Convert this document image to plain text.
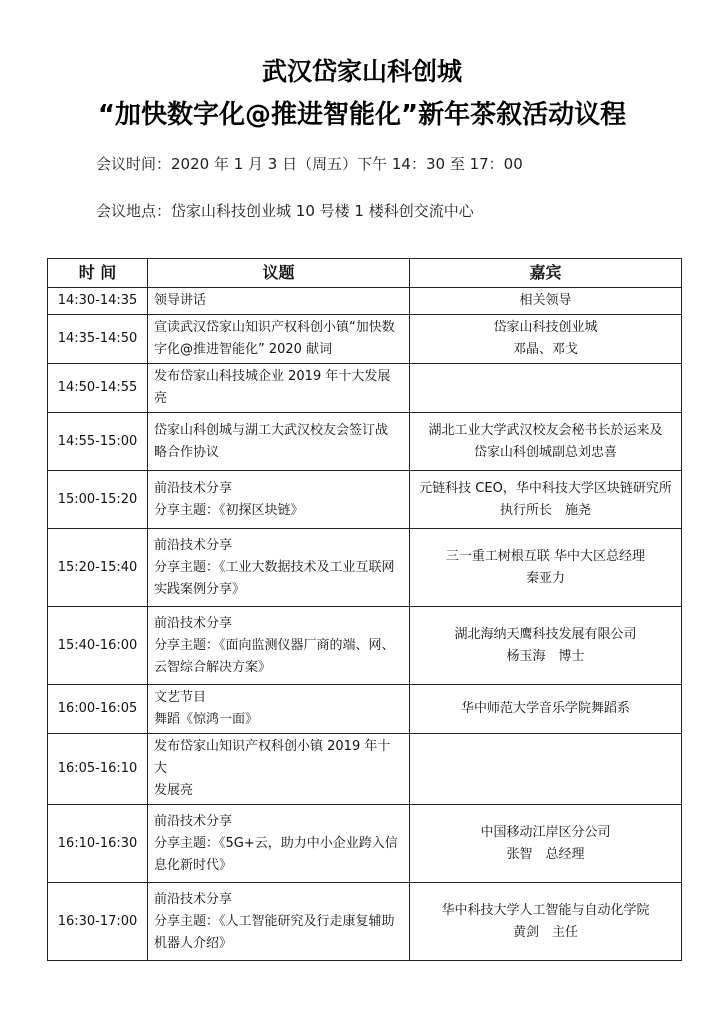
武汉岱家山科创城
“加快数字化@推进智能化”新年茶叙活动议程
会议时间：2020 年 1 月 3 日（周五）下午 14：30 至 17：00
会议地点：岱家山科技创业城 10 号楼 1 楼科创交流中心
时 间	议题	嘉宾
14:30-14:35	领导讲话	相关领导

14:35-14:50	宣读武汉岱家山知识产权科创小镇“加快数
字化@推进智能化” 2020 献词	岱家山科技创业城
邓晶、邓戈

14:50-14:55	发布岱家山科技城企业 2019 年十大发展亮	

14:55-15:00	岱家山科创城与湖工大武汉校友会签订战
略合作协议	湖北工业大学武汉校友会秘书长於运来及
岱家山科创城副总刘忠喜

15:00-15:20	前沿技术分享
分享主题：《初探区块链》	元链科技 CEO，华中科技大学区块链研究所
执行所长　施尧

15:20-15:40	前沿技术分享
分享主题：《工业大数据技术及工业互联网
实践案例分享》	三一重工树根互联 华中大区总经理
秦亚力

15:40-16:00	前沿技术分享
分享主题：《面向监测仪器厂商的端、网、
云智综合解决方案》	湖北海纳天鹰科技发展有限公司
杨玉海　博士

16:00-16:05	文艺节目
舞蹈《惊鸿一面》	华中师范大学音乐学院舞蹈系

16:05-16:10	发布岱家山知识产权科创小镇 2019 年十大
发展亮	

16:10-16:30	前沿技术分享
分享主题：《5G+云，助力中小企业跨入信
息化新时代》	中国移动江岸区分公司
张智　总经理

16:30-17:00	前沿技术分享
分享主题：《人工智能研究及行走康复辅助
机器人介绍》	华中科技大学人工智能与自动化学院
黄剑　主任
